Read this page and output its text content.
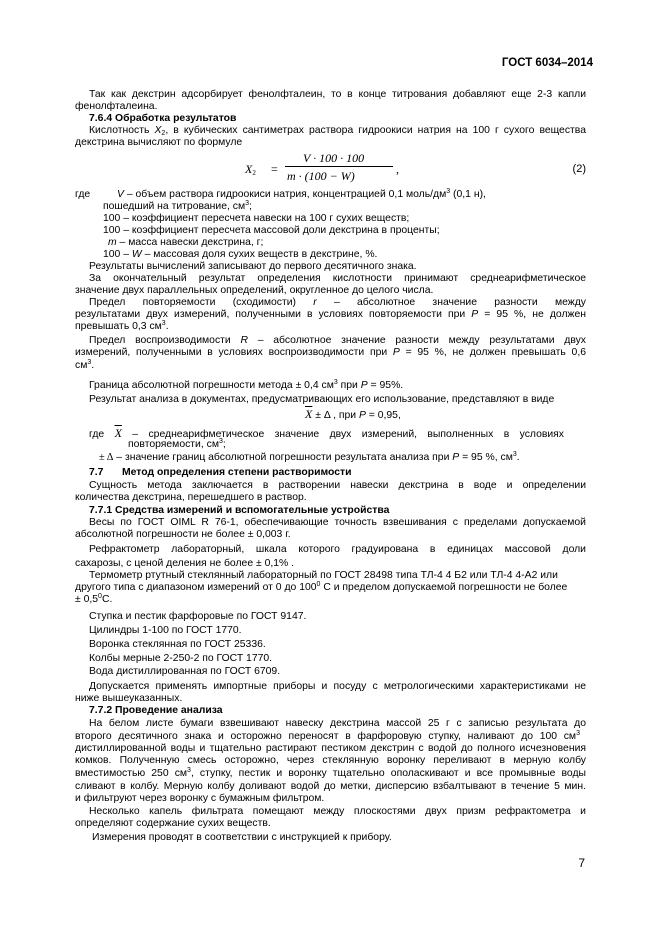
ГОСТ 6034–2014
Так как декстрин адсорбирует фенолфталеин, то в конце титрования добавляют еще 2-3 капли
фенолфталеина.
7.6.4 Обработка результатов
Кислотность $X_2$, в кубических сантиметрах раствора гидроокиси натрия на 100 г сухого вещества
декстрина вычисляют по формуле
$X_2$ =
V · 100 · 100
m · (100 − W)	,	(2)
где	V – объем раствора гидроокиси натрия, концентрацией 0,1 моль/$дм^3$ (0,1 н),
пошедший на титрование, $см^3$;
100 – коэффициент пересчета навески на 100 г сухих веществ;
100 – коэффициент пересчета массовой доли декстрина в проценты;
m – масса навески декстрина, г;
100 – W – массовая доля сухих веществ в декстрине, %.
Результаты вычислений записывают до первого десятичного знака.
За окончательный результат определения кислотности принимают среднеарифметическое
значение двух параллельных определений, округленное до целого числа.
Предел повторяемости (сходимости) r – абсолютное значение разности между
результатами двух измерений, полученными в условиях повторяемости при P = 95 %, не должен
превышать 0,3 $см^3$.
Предел воспроизводимости R – абсолютное значение разности между результатами двух
измерений, полученными в условиях воспроизводимости при P = 95 %, не должен превышать 0,6
$см^3$.
Граница абсолютной погрешности метода ± 0,4 $см^3$ при P = 95%.
Результат анализа в документах, предусматривающих его использование, представляют в виде
$\overline{X} \pm \Delta$ , при P = 0,95,
где $\overline{X}$ – среднеарифметическое значение двух измерений, выполненных в условиях
повторяемости, $см^3$;
± Δ – значение границ абсолютной погрешности результата анализа при P = 95 %, $см^3$.
7.7 Метод определения степени растворимости
Сущность метода заключается в растворении навески декстрина в воде и определении
количества декстрина, перешедшего в раствор.
7.7.1 Средства измерений и вспомогательные устройства
Весы по ГОСТ OIML R 76-1, обеспечивающие точность взвешивания с пределами допускаемой
абсолютной погрешности не более ± 0,003 г.
Рефрактометр лабораторный, шкала которого градуирована в единицах массовой доли
сахарозы, с ценой деления не более ± 0,1% .
Термометр ртутный стеклянный лабораторный по ГОСТ 28498 типа ТЛ-4 4 Б2 или ТЛ-4 4-А2 или
другого типа с диапазоном измерений от 0 до $100^0$ С и пределом допускаемой погрешности не более
± $0,5^0С$.
Ступка и пестик фарфоровые по ГОСТ 9147.
Цилиндры 1-100 по ГОСТ 1770.
Воронка стеклянная по ГОСТ 25336.
Колбы мерные 2-250-2 по ГОСТ 1770.
Вода дистиллированная по ГОСТ 6709.
Допускается применять импортные приборы и посуду с метрологическими характеристиками не
ниже вышеуказанных.
7.7.2 Проведение анализа
На белом листе бумаги взвешивают навеску декстрина массой 25 г с записью результата до
второго десятичного знака и осторожно переносят в фарфоровую ступку, наливают до 100 $см^3$
дистиллированной воды и тщательно растирают пестиком декстрин с водой до полного исчезновения
комков. Полученную смесь осторожно, через стеклянную воронку переливают в мерную колбу
вместимостью 250 $см^3$, ступку, пестик и воронку тщательно ополаскивают и все промывные воды
сливают в колбу. Мерную колбу доливают водой до метки, дисперсию взбалтывают в течение 5 мин.
и фильтруют через воронку с бумажным фильтром.
Несколько капель фильтрата помещают между плоскостями двух призм рефрактометра и
определяют содержание сухих веществ.
Измерения проводят в соответствии с инструкцией к прибору.
7
